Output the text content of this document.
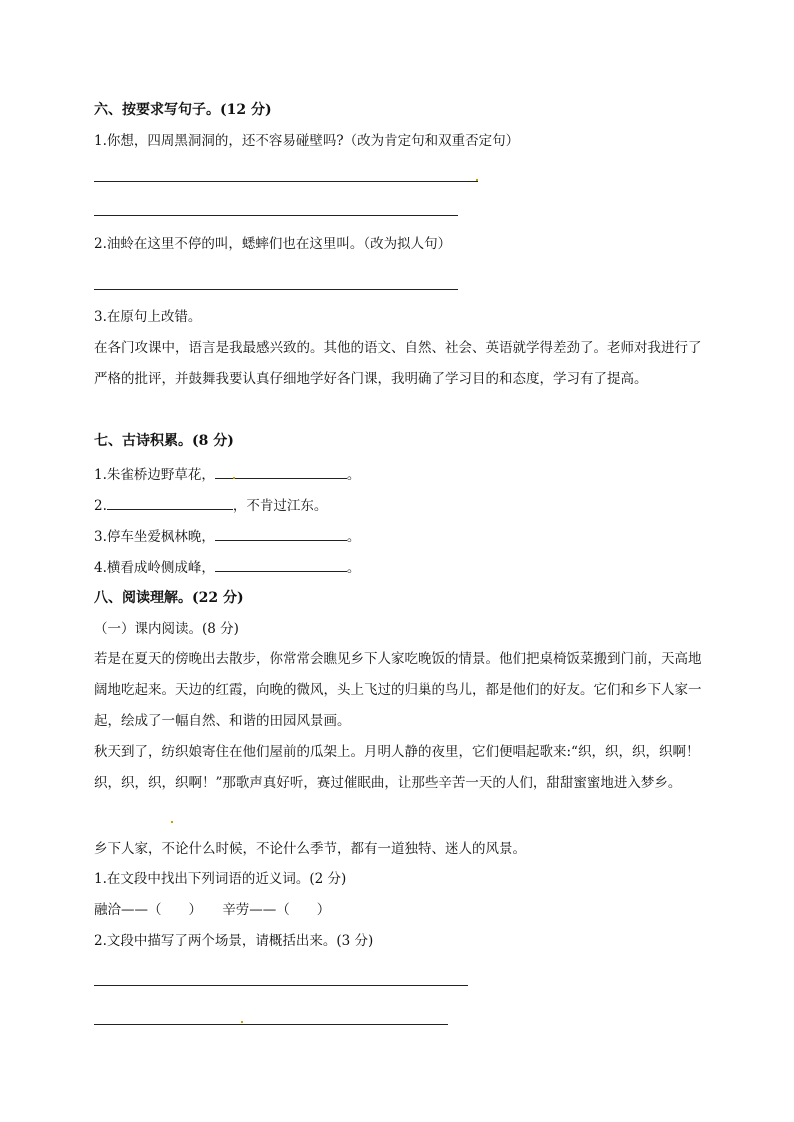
六、按要求写句子。(12 分)
1.你想，四周黑洞洞的，还不容易碰壁吗?（改为肯定句和双重否定句）
2.油蛉在这里不停的叫，蟋蟀们也在这里叫。（改为拟人句）
3.在原句上改错。
在各门攻课中，语言是我最感兴致的。其他的语文、自然、社会、英语就学得差劲了。老师对我进行了严格的批评，并鼓舞我要认真仔细地学好各门课，我明确了学习目的和态度，学习有了提高。
七、古诗积累。(8 分)
1.朱雀桥边野草花，	。
2.	，不肯过江东。
3.停车坐爱枫林晚，	。
4.横看成岭侧成峰，	。
八、阅读理解。(22 分)
（一）课内阅读。(8 分)
若是在夏天的傍晚出去散步，你常常会瞧见乡下人家吃晚饭的情景。他们把桌椅饭菜搬到门前，天高地阔地吃起来。天边的红霞，向晚的微风，头上飞过的归巢的鸟儿，都是他们的好友。它们和乡下人家一起，绘成了一幅自然、和谐的田园风景画。
秋天到了，纺织娘寄住在他们屋前的瓜架上。月明人静的夜里，它们便唱起歌来:“织，织，织，织啊！织，织，织，织啊！”那歌声真好听，赛过催眠曲，让那些辛苦一天的人们，甜甜蜜蜜地进入梦乡。
乡下人家，不论什么时候，不论什么季节，都有一道独特、迷人的风景。
1.在文段中找出下列词语的近义词。(2 分)
融洽——（　　）　　辛劳——（　　）
2.文段中描写了两个场景，请概括出来。(3 分)
